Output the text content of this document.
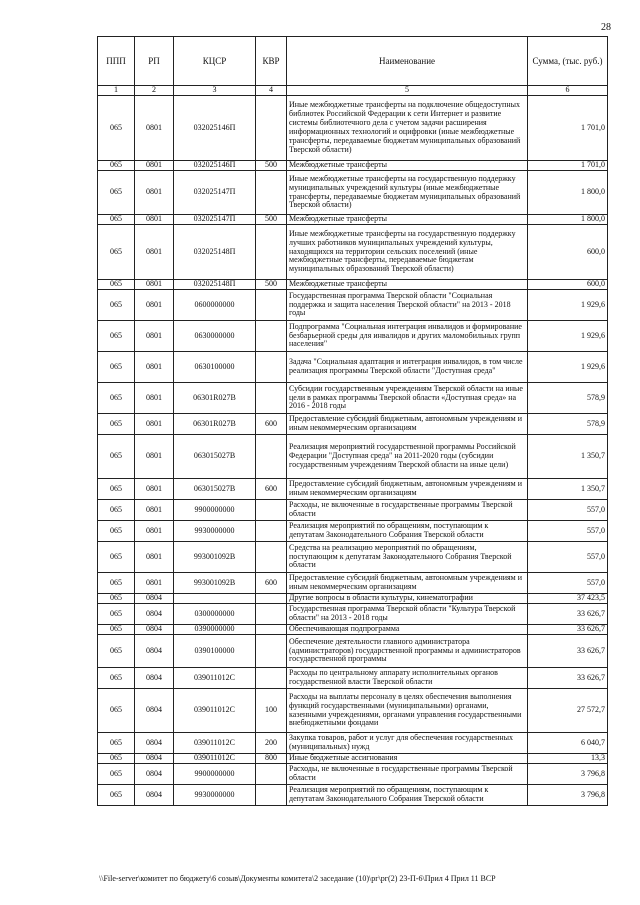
28
ППП	РП	КЦСР	КВР	Наименование	Сумма, (тыс. руб.)
1	2	3	4	5	6
065	0801	032025146П		Иные межбюджетные трансферты на подключение общедоступных библиотек Российской Федерации к сети Интернет и развитие системы библиотечного дела с учетом задачи расширения информационных технологий и оцифровки (иные межбюджетные трансферты, передаваемые бюджетам муниципальных образований Тверской области)	1 701,0
065	0801	032025146П	500	Межбюджетные трансферты	1 701,0
065	0801	032025147П		Иные межбюджетные трансферты на государственную поддержку муниципальных учреждений культуры (иные межбюджетные трансферты, передаваемые бюджетам муниципальных образований Тверской области)	1 800,0
065	0801	032025147П	500	Межбюджетные трансферты	1 800,0
065	0801	032025148П		Иные межбюджетные трансферты на государственную поддержку лучших работников муниципальных учреждений культуры, находящихся на территории сельских поселений (иные межбюджетные трансферты, передаваемые бюджетам муниципальных образований Тверской области)	600,0
065	0801	032025148П	500	Межбюджетные трансферты	600,0
065	0801	0600000000		Государственная программа Тверской области "Социальная поддержка и защита населения Тверской области" на 2013 - 2018 годы	1 929,6
065	0801	0630000000		Подпрограмма "Социальная интеграция инвалидов и формирование безбарьерной среды для инвалидов и других маломобильных групп населения"	1 929,6
065	0801	0630100000		Задача "Социальная адаптация и интеграция инвалидов, в том числе реализация программы Тверской области "Доступная среда"	1 929,6
065	0801	06301R027В		Субсидии государственным учреждениям Тверской области на иные цели в рамках программы Тверской области «Доступная среда» на 2016 - 2018 годы	578,9
065	0801	06301R027В	600	Предоставление субсидий бюджетным, автономным учреждениям и иным некоммерческим организациям	578,9
065	0801	063015027В		Реализация мероприятий государственной программы Российской Федерации "Доступная среда" на 2011-2020 годы (субсидии государственным учреждениям Тверской области на иные цели)	1 350,7
065	0801	063015027В	600	Предоставление субсидий бюджетным, автономным учреждениям и иным некоммерческим организациям	1 350,7
065	0801	9900000000		Расходы, не включенные в государственные программы Тверской области	557,0
065	0801	9930000000		Реализация мероприятий по обращениям, поступающим к депутатам Законодательного Собрания Тверской области	557,0
065	0801	993001092В		Средства на реализацию мероприятий по обращениям, поступающим к депутатам Законодательного Собрания Тверской области	557,0
065	0801	993001092В	600	Предоставление субсидий бюджетным, автономным учреждениям и иным некоммерческим организациям	557,0
065	0804			Другие вопросы в области культуры, кинематографии	37 423,5
065	0804	0300000000		Государственная программа Тверской области "Культура Тверской области" на 2013 - 2018 годы	33 626,7
065	0804	0390000000		Обеспечивающая подпрограмма	33 626,7
065	0804	0390100000		Обеспечение деятельности главного администратора (администраторов) государственной программы и администраторов государственной программы	33 626,7
065	0804	039011012С		Расходы по центральному аппарату исполнительных органов государственной власти Тверской области	33 626,7
065	0804	039011012С	100	Расходы на выплаты персоналу в целях обеспечения выполнения функций государственными (муниципальными) органами, казенными учреждениями, органами управления государственными внебюджетными фондами	27 572,7
065	0804	039011012С	200	Закупка товаров, работ и услуг для обеспечения государственных (муниципальных) нужд	6 040,7
065	0804	039011012С	800	Иные бюджетные ассигнования	13,3
065	0804	9900000000		Расходы, не включенные в государственные программы Тверской области	3 796,8
065	0804	9930000000		Реализация мероприятий по обращениям, поступающим к депутатам Законодательного Собрания Тверской области	3 796,8
\\File-server\комитет по бюджету\6 созыв\Документы комитета\2 заседание (10)\рг\рг(2) 23-П-6\Прил 4 Прил 11 ВСР
